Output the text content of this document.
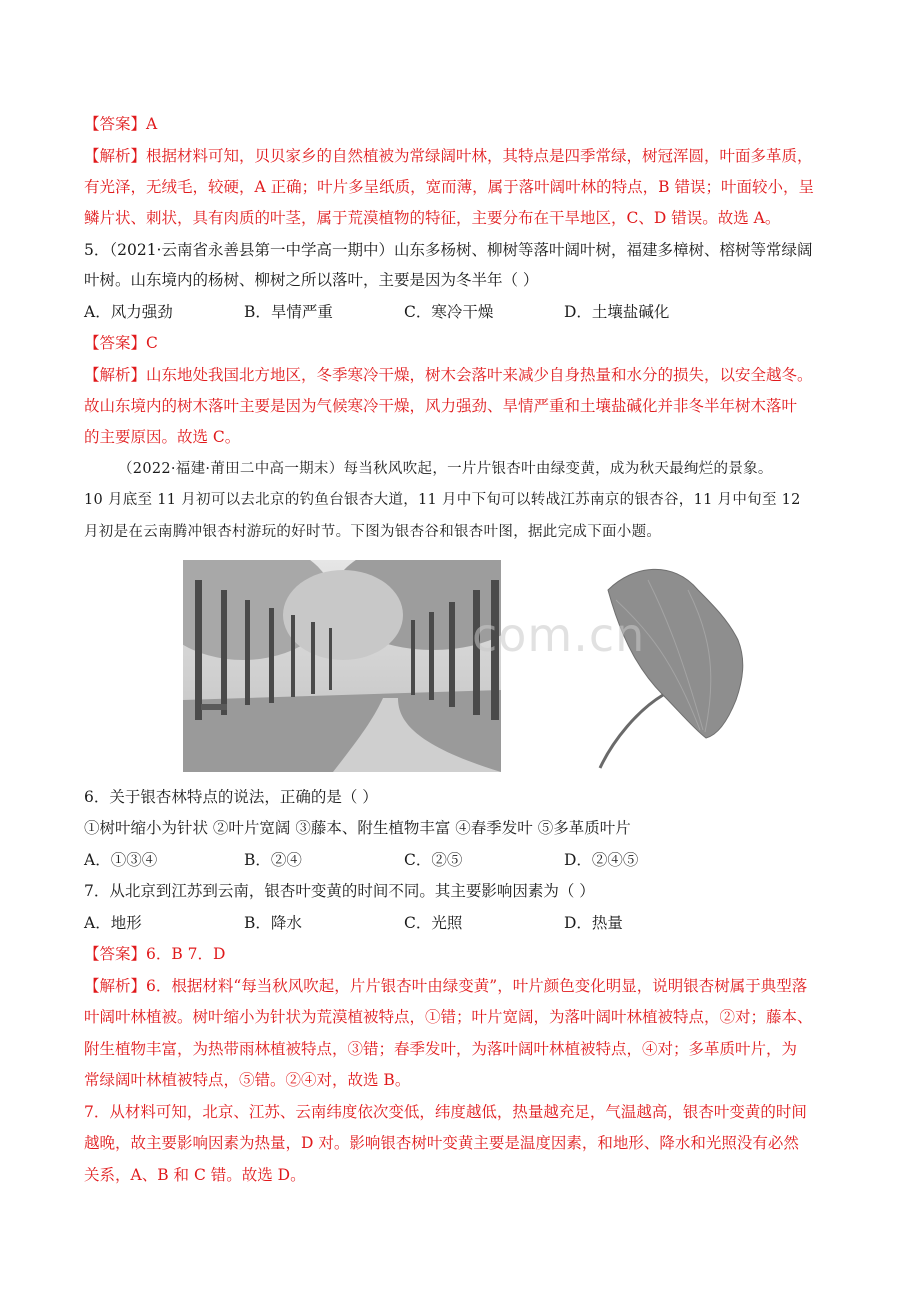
【答案】A
【解析】根据材料可知，贝贝家乡的自然植被为常绿阔叶林，其特点是四季常绿，树冠浑圆，叶面多革质，
有光泽，无绒毛，较硬，A 正确；叶片多呈纸质，宽而薄，属于落叶阔叶林的特点，B 错误；叶面较小，呈
鳞片状、刺状，具有肉质的叶茎，属于荒漠植物的特征，主要分布在干旱地区，C、D 错误。故选 A。
5．（2021·云南省永善县第一中学高一期中）山东多杨树、柳树等落叶阔叶树，福建多樟树、榕树等常绿阔
叶树。山东境内的杨树、柳树之所以落叶，主要是因为冬半年（ ）
A．风力强劲	B．旱情严重	C．寒冷干燥	D．土壤盐碱化
【答案】C
【解析】山东地处我国北方地区，冬季寒冷干燥，树木会落叶来减少自身热量和水分的损失，以安全越冬。
故山东境内的树木落叶主要是因为气候寒冷干燥，风力强劲、旱情严重和土壤盐碱化并非冬半年树木落叶
的主要原因。故选 C。
（2022·福建·莆田二中高一期末）每当秋风吹起，一片片银杏叶由绿变黄，成为秋天最绚烂的景象。
10 月底至 11 月初可以去北京的钓鱼台银杏大道，11 月中下旬可以转战江苏南京的银杏谷，11 月中旬至 12
月初是在云南腾冲银杏村游玩的好时节。下图为银杏谷和银杏叶图，据此完成下面小题。
com.cn
6．关于银杏林特点的说法，正确的是（ ）
①树叶缩小为针状 ②叶片宽阔 ③藤本、附生植物丰富 ④春季发叶 ⑤多革质叶片
A．①③④	B．②④	C．②⑤	D．②④⑤
7．从北京到江苏到云南，银杏叶变黄的时间不同。其主要影响因素为（ ）
A．地形	B．降水	C．光照	D．热量
【答案】6．B 7．D
【解析】6．根据材料“每当秋风吹起，片片银杏叶由绿变黄”，叶片颜色变化明显，说明银杏树属于典型落
叶阔叶林植被。树叶缩小为针状为荒漠植被特点，①错；叶片宽阔，为落叶阔叶林植被特点，②对；藤本、
附生植物丰富，为热带雨林植被特点，③错；春季发叶，为落叶阔叶林植被特点，④对；多革质叶片，为
常绿阔叶林植被特点，⑤错。②④对，故选 B。
7．从材料可知，北京、江苏、云南纬度依次变低，纬度越低，热量越充足，气温越高，银杏叶变黄的时间
越晚，故主要影响因素为热量，D 对。影响银杏树叶变黄主要是温度因素，和地形、降水和光照没有必然
关系，A、B 和 C 错。故选 D。
